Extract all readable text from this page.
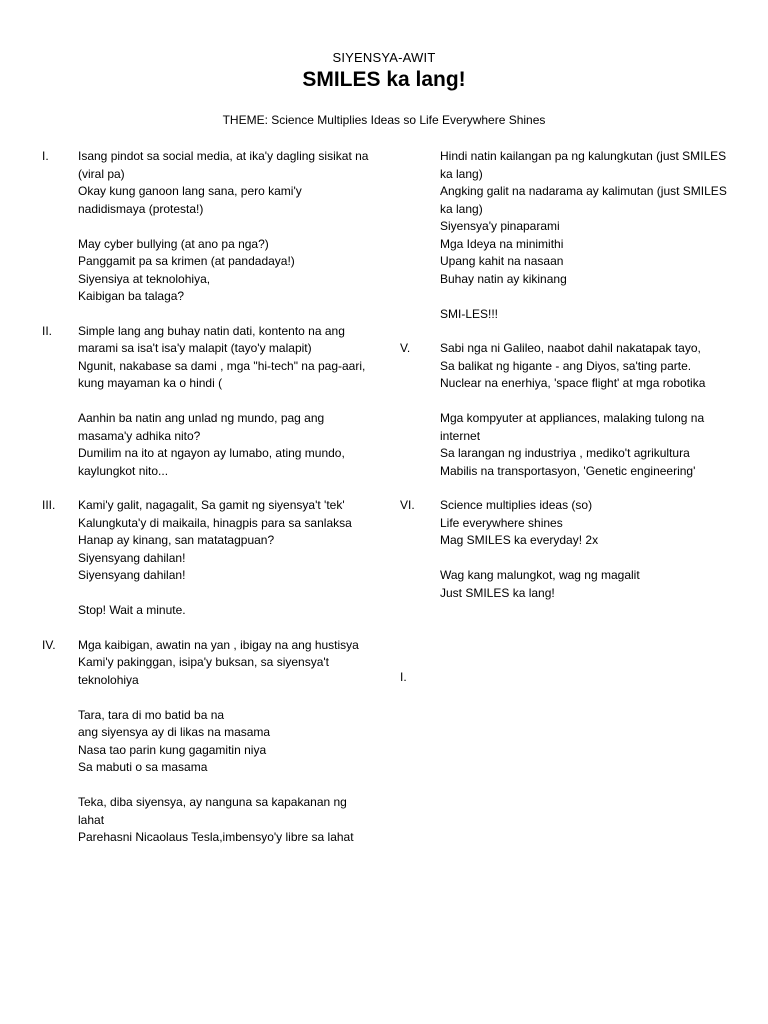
SIYENSYA-AWIT
SMILES ka lang!
THEME: Science Multiplies Ideas so Life Everywhere Shines
I.	Isang pindot sa social media, at ika'y dagling sisikat na (viral pa)
Okay kung ganoon lang sana, pero kami'y nadidismaya (protesta!)
May cyber bullying (at ano pa nga?)
Panggamit pa sa krimen (at pandadaya!)
Siyensiya at teknolohiya,
Kaibigan ba talaga?
II.	Simple lang ang buhay natin dati, kontento na ang marami sa isa't isa'y malapit (tayo'y malapit)
Ngunit, nakabase sa dami , mga "hi-tech" na pag-aari, kung mayaman ka o hindi (
Aanhin ba natin ang unlad ng mundo, pag ang masama'y adhika nito?
Dumilim na ito at ngayon ay lumabo, ating mundo, kaylungkot nito...
III.	Kami'y galit, nagagalit, Sa gamit ng siyensya't 'tek'
Kalungkuta'y di maikaila, hinagpis para sa sanlaksa
Hanap ay kinang, san matatagpuan?
Siyensyang dahilan!
Siyensyang dahilan!
Stop! Wait a minute.
IV.	Mga kaibigan, awatin na yan , ibigay na ang hustisya
Kami'y pakinggan, isipa'y buksan, sa siyensya't teknolohiya
Tara, tara di mo batid ba na
ang siyensya ay di likas na masama
Nasa tao parin kung gagamitin niya
Sa mabuti o sa masama
Teka, diba siyensya, ay nanguna sa kapakanan ng lahat
Parehasni Nicaolaus Tesla,imbensyo'y libre sa lahat
Hindi natin kailangan pa ng kalungkutan (just SMILES ka lang)
Angking galit na nadarama ay kalimutan (just SMILES ka lang)
Siyensya'y pinaparami
Mga Ideya na minimithi
Upang kahit na nasaan
Buhay natin ay kikinang
SMI-LES!!!
V.	Sabi nga ni Galileo, naabot dahil nakatapak tayo,
Sa balikat ng higante - ang Diyos, sa'ting parte.
Nuclear na enerhiya, 'space flight' at mga robotika
Mga kompyuter at appliances, malaking tulong na internet
Sa larangan ng industriya , mediko't agrikultura
Mabilis na transportasyon, 'Genetic engineering'
VI.	Science multiplies ideas (so)
Life everywhere shines
Mag SMILES ka everyday! 2x
Wag kang malungkot, wag ng magalit
Just SMILES ka lang!
I.
